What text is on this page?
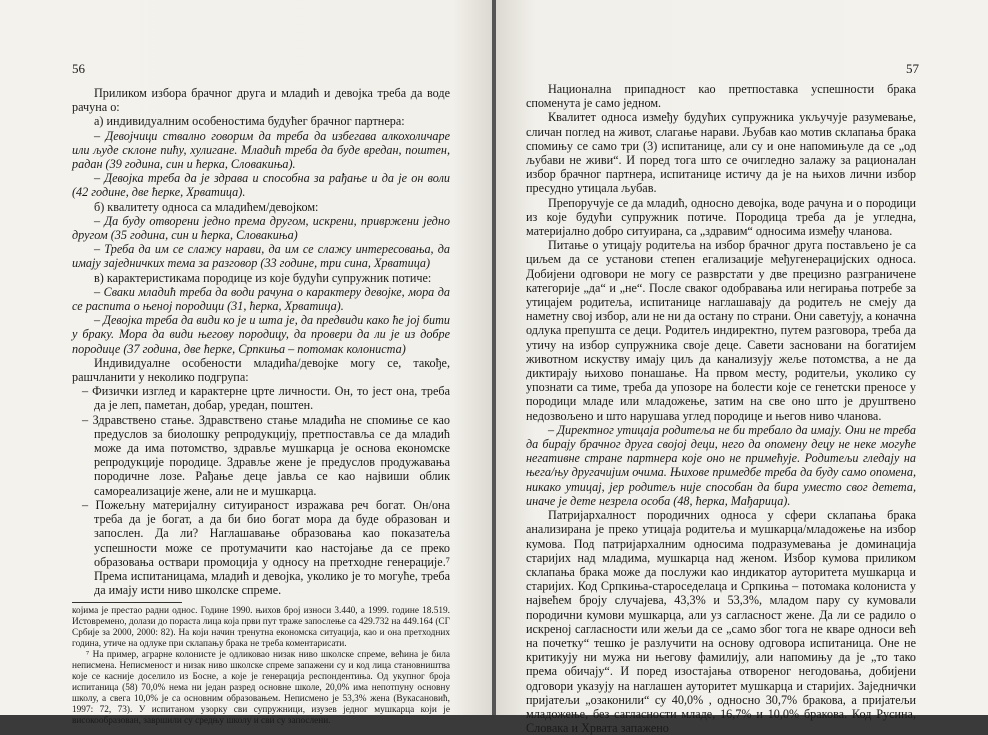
56

Приликом избора брачног друга и младић и девојка треба да воде рачуна о:

а) индивидуалним особеностима будућег брачног партнера:

– Девојчици ствално говорим да треба да избегава алкохоличаре или људе склоне пићу, хулигане. Младић треба да буде вредан, поштен, радан (39 година, син и ћерка, Словакиња).

– Девојка треба да је здрава и способна за рађање и да је он воли (42 године, две ћерке, Хрватица).

б) квалитету односа са младићем/девојком:

– Да буду отворени једно према другом, искрени, привржени једно другом (35 година, син и ћерка, Словакиња)

– Треба да им се слажу нарави, да им се слажу интересовања, да имају заједничких тема за разговор (33 године, три сина, Хрватица)

в) карактеристикама породице из које будући супружник потиче:

– Сваки младић треба да води рачуна о карактеру девојке, мора да се распита о њеној породици (31, ћерка, Хрватица).

– Девојка треба да види ко је и шта је, да предвиди како ће јој бити у браку. Мора да види његову породицу, да провери да ли је из добре породице (37 година, две ћерке, Српкиња – потомак колониста)

Индивидуалне особености младића/девојке могу се, такође, рашчланити у неколико подгрупа:

– Физички изглед и карактерне црте личности. Он, то јест она, треба да је леп, паметан, добар, уредан, поштен.

– Здравствено стање. Здравствено стање младића не спомиње се као предуслов за биолошку репродукцију, претпоставља се да младић може да има потомство, здравље мушкарца је основа економске репродукције породице. Здравље жене је предуслов продужавања породичне лозе. Рађање деце јавља се као највиши облик самореализације жене, али не и мушкарца.

– Пожељну материјалну ситуираност изражава реч богат. Он/она треба да је богат, а да би био богат мора да буде образован и запослен. Да ли? Наглашавање образовања као показатеља успешности може се протумачити као настојање да се преко образовања оствари промоција у односу на претходне генерације.⁷ Према испитаницама, младић и девојка, уколико је то могуће, треба да имају исти ниво школске спреме.

којима је престао радни однос. Године 1990. њихов број износи 3.440, а 1999. године 18.519. Истовремено, долази до пораста лица која први пут траже запослење са 429.732 на 449.164 (СГ Србије за 2000, 2000: 82). На који начин тренутна економска ситуација, као и она претходних година, утиче на одлуке при склапању брака не треба коментарисати.

⁷ На пример, аграрне колонисте је одликовао низак ниво школске спреме, већина је била неписмена. Неписменост и низак ниво школске спреме запажени су и код лица становништва које се касније доселило из Босне, а које је генерација респондентиња. Од укупног броја испитаница (58) 70,0% нема ни један разред основне школе, 20,0% има непотпуну основну школу, а свега 10,0% је са основним образовањем. Неписмено је 53,3% жена (Вукасановић, 1997: 72, 73). У испитаном узорку сви супружници, изузев једног мушкарца који је високообразован, завршили су средњу школу и сви су запослени.

57

Национална припадност као претпоставка успешности брака споменута је само једном.

Квалитет односа између будућих супружника укључује разумевање, сличан поглед на живот, слагање нарави. Љубав као мотив склапања брака спомињу се само три (3) испитанице, али су и оне напомињуле да се „од љубави не живи“. И поред тога што се очигледно залажу за рационалан избор брачног партнера, испитанице истичу да је на њихов лични избор пресудно утицала љубав.

Препоручује се да младић, односно девојка, воде рачуна и о породици из које будући супружник потиче. Породица треба да је угледна, материјално добро ситуирана, са „здравим“ односима између чланова.

Питање о утицају родитеља на избор брачног друга постављено је са циљем да се установи степен егализације међугенерацијских односа. Добијени одговори не могу се разврстати у две прецизно разграничене категорије „да“ и „не“. После сваког одобравања или негирања потребе за утицајем родитеља, испитанице наглашавају да родитељ не смеју да наметну свој избор, али не ни да остану по страни. Они саветују, а коначна одлука препушта се деци. Родитељ индиректно, путем разговора, треба да утичу на избор супружника своје деце. Савети засновани на богатијем животном искуству имају циљ да канализују жеље потомства, а не да диктирају њихово понашање. На првом месту, родитељи, уколико су упознати са тиме, треба да упозоре на болести које се генетски преносе у породици младе или младожење, затим на све оно што је друштвено недозвољено и што нарушава углед породице и његов ниво чланова.

– Директног утицаја родитеља не би требало да имају. Они не треба да бирају брачног друга својој деци, него да опомену децу не неке могуће негативне стране партнера које оно не примећује. Родитељи гледају на њега/њу другачијим очима. Њихове примедбе треба да буду само опомена, никако утицај, јер родитељ није способан да бира уместо свог детета, иначе је дете незрела особа (48, ћерка, Мађарица).

Патријархалност породичних односа у сфери склапања брака анализирана је преко утицаја родитеља и мушкарца/младожење на избор кумова. Под патријархалним односима подразумевања је доминација старијих над младима, мушкарца над женом. Избор кумова приликом склапања брака може да послужи као индикатор ауторитета мушкарца и старијих. Код Српкиња-староседелаца и Српкиња – потомака колониста у највећем броју случајева, 43,3% и 53,3%, младом пару су кумовали породични кумови мушкарца, али уз сагласност жене. Да ли се радило о искреној сагласности или жељи да се „само због тога не кваре односи већ на почетку“ тешко је разлучити на основу одговора испитаница. Оне не критикују ни мужа ни његову фамилију, али напомињу да је „то тако према обичају“. И поред изостајања отвореног негодовања, добијени одговори указују на наглашен ауторитет мушкарца и старијих. Заједнички пријатељи „озаконили“ су 40,0% , односно 30,7% бракова, а пријатељи младожење, без сагласности младе, 16,7% и 10,0% бракова. Код Русина, Словака и Хрвата запажено
